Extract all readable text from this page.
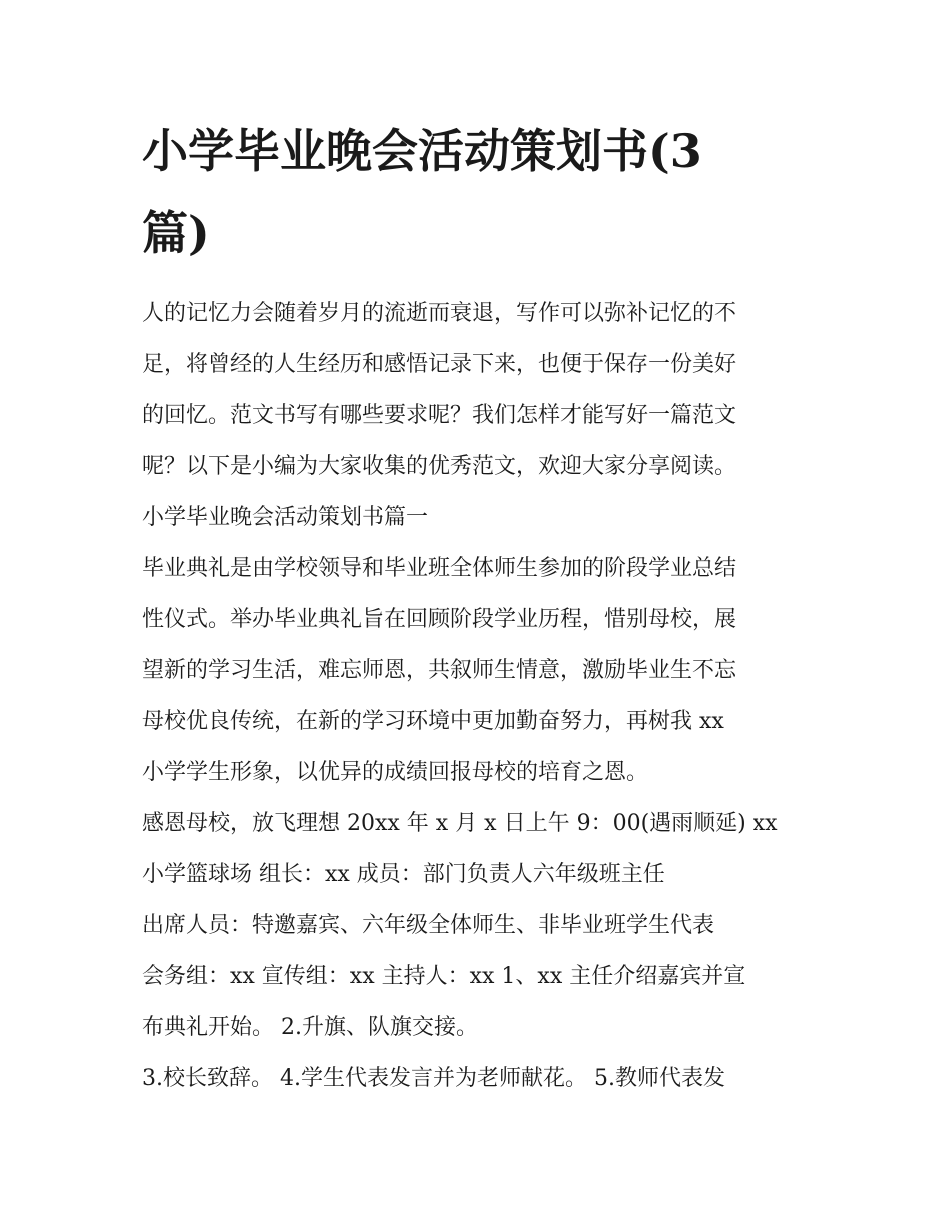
小学毕业晚会活动策划书(3篇)

人的记忆力会随着岁月的流逝而衰退，写作可以弥补记忆的不
足，将曾经的人生经历和感悟记录下来，也便于保存一份美好
的回忆。范文书写有哪些要求呢？我们怎样才能写好一篇范文
呢？以下是小编为大家收集的优秀范文，欢迎大家分享阅读。

小学毕业晚会活动策划书篇一

毕业典礼是由学校领导和毕业班全体师生参加的阶段学业总结
性仪式。举办毕业典礼旨在回顾阶段学业历程，惜别母校，展
望新的学习生活，难忘师恩，共叙师生情意，激励毕业生不忘
母校优良传统，在新的学习环境中更加勤奋努力，再树我 xx
小学学生形象，以优异的成绩回报母校的培育之恩。

感恩母校，放飞理想 20xx 年 x 月 x 日上午 9：00(遇雨顺延) xx
小学篮球场 组长：xx 成员：部门负责人六年级班主任

出席人员：特邀嘉宾、六年级全体师生、非毕业班学生代表

会务组：xx 宣传组：xx 主持人：xx 1、xx 主任介绍嘉宾并宣
布典礼开始。 2.升旗、队旗交接。

3.校长致辞。 4.学生代表发言并为老师献花。 5.教师代表发
